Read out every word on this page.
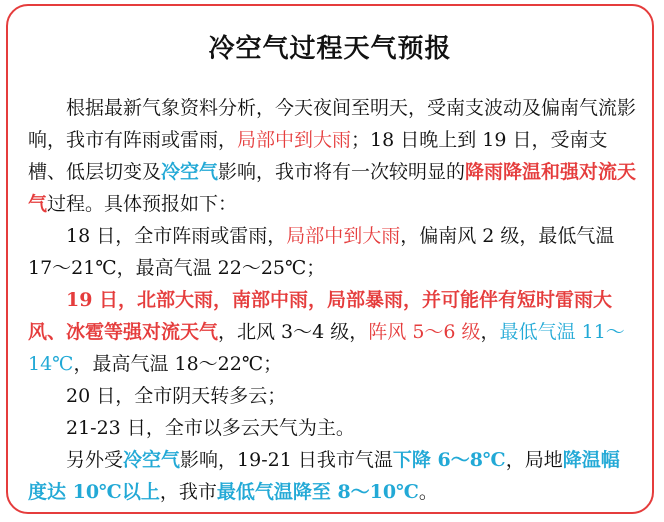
冷空气过程天气预报

根据最新气象资料分析，今天夜间至明天，受南支波动及偏南气流影响，我市有阵雨或雷雨，局部中到大雨；18 日晚上到 19 日，受南支槽、低层切变及冷空气影响，我市将有一次较明显的降雨降温和强对流天气过程。具体预报如下：

18 日，全市阵雨或雷雨，局部中到大雨，偏南风 2 级，最低气温 17～21℃，最高气温 22～25℃；

19 日，北部大雨，南部中雨，局部暴雨，并可能伴有短时雷雨大风、冰雹等强对流天气，北风 3～4 级，阵风 5～6 级，最低气温 11～14℃，最高气温 18～22℃；

20 日，全市阴天转多云；

21-23 日，全市以多云天气为主。

另外受冷空气影响，19-21 日我市气温下降 6～8℃，局地降温幅度达 10℃以上，我市最低气温降至 8～10℃。
